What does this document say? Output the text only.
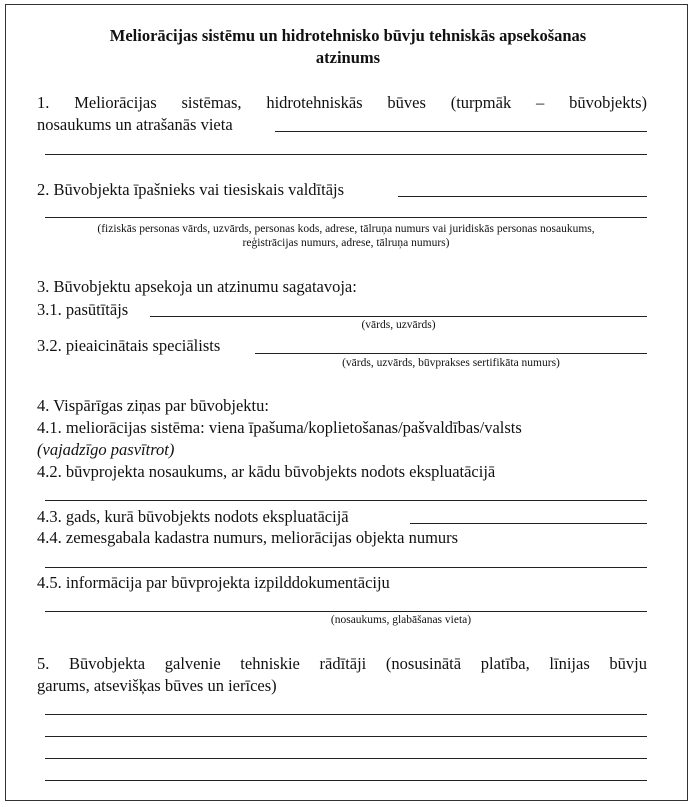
Meliorācijas sistēmu un hidrotehnisko būvju tehniskās apsekošanas
atzinums
1. Meliorācijas sistēmas, hidrotehniskās būves (turpmāk – būvobjekts)
nosaukums un atrašanās vieta
2. Būvobjekta īpašnieks vai tiesiskais valdītājs
(fiziskās personas vārds, uzvārds, personas kods, adrese, tālruņa numurs vai juridiskās personas nosaukums,
reģistrācijas numurs, adrese, tālruņa numurs)
3. Būvobjektu apsekoja un atzinumu sagatavoja:
3.1. pasūtītājs
(vārds, uzvārds)
3.2. pieaicinātais speciālists
(vārds, uzvārds, būvprakses sertifikāta numurs)
4. Vispārīgas ziņas par būvobjektu:
4.1. meliorācijas sistēma: viena īpašuma/koplietošanas/pašvaldības/valsts
(vajadzīgo pasvītrot)
4.2. būvprojekta nosaukums, ar kādu būvobjekts nodots ekspluatācijā
4.3. gads, kurā būvobjekts nodots ekspluatācijā
4.4. zemesgabala kadastra numurs, meliorācijas objekta numurs
4.5. informācija par būvprojekta izpilddokumentāciju
(nosaukums, glabāšanas vieta)
5. Būvobjekta galvenie tehniskie rādītāji (nosusinātā platība, līnijas būvju
garums, atsevišķas būves un ierīces)
